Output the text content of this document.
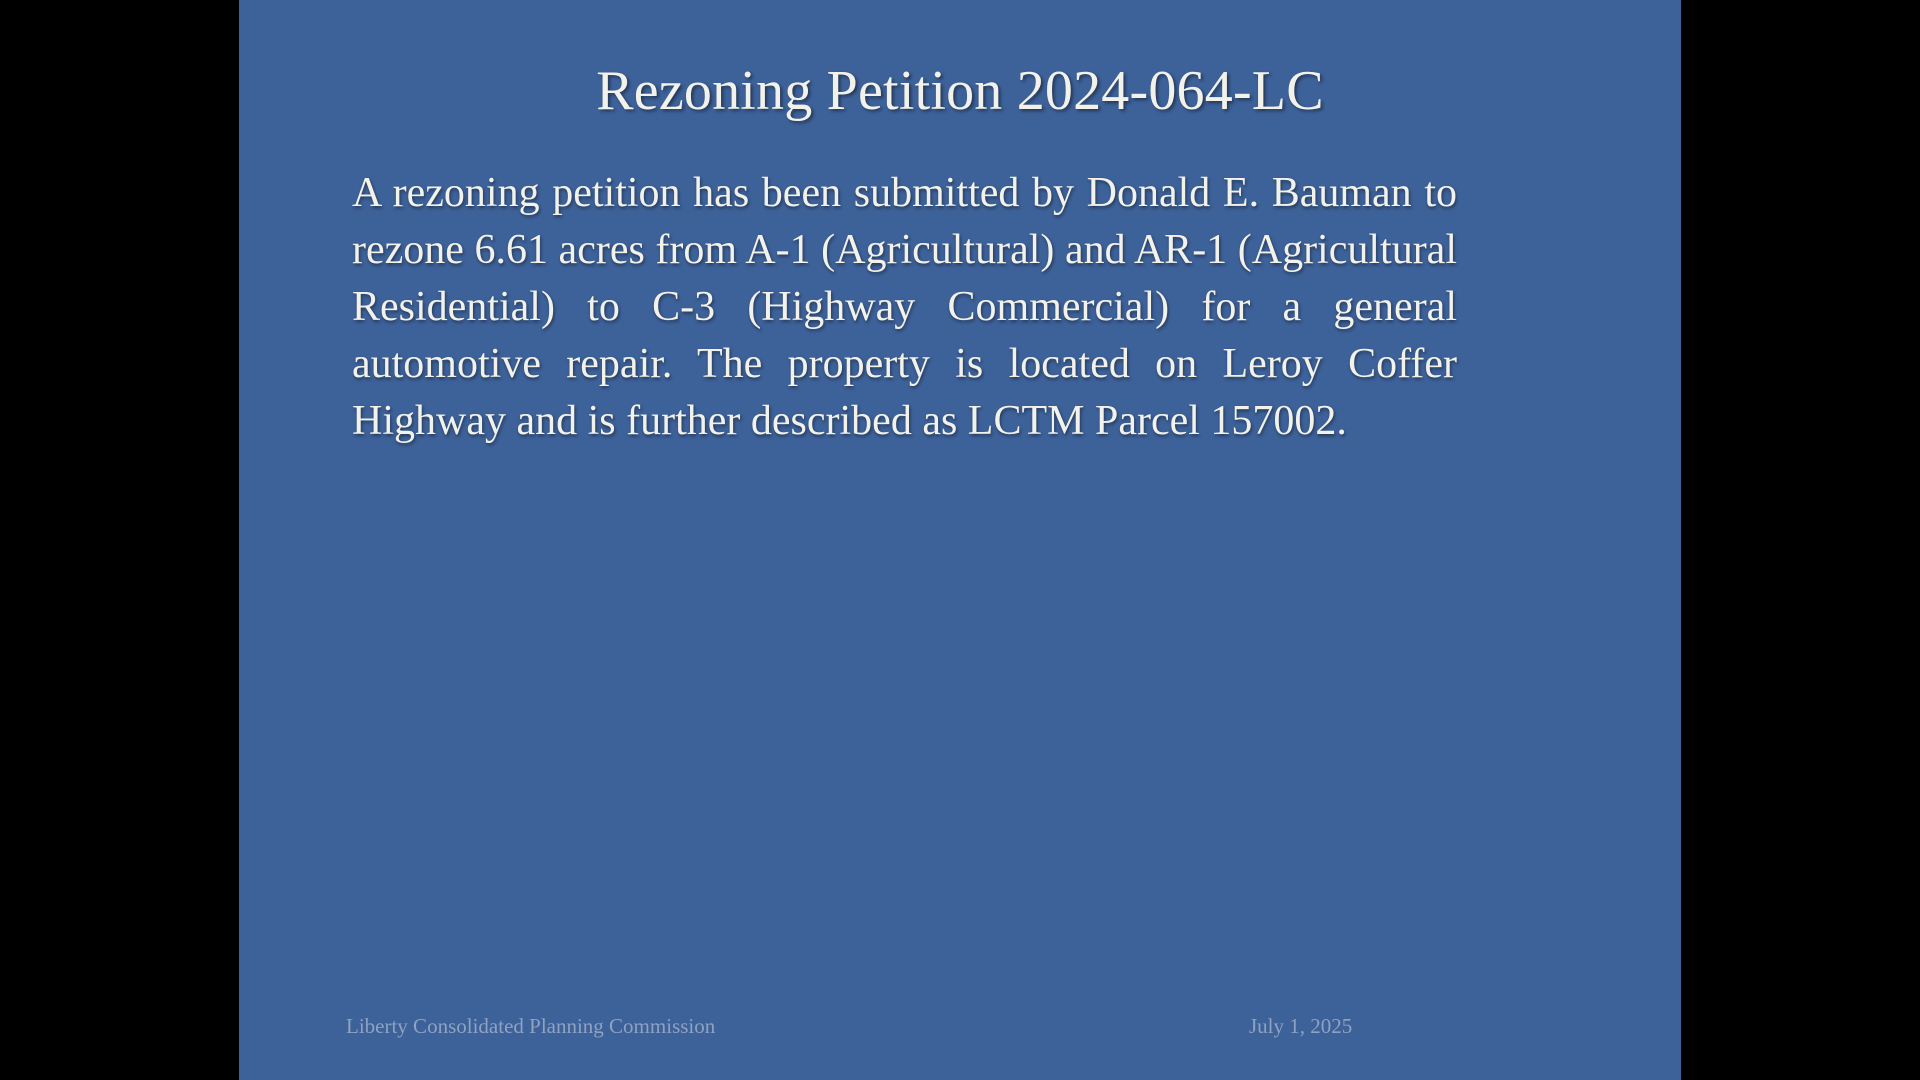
Rezoning Petition 2024-064-LC
A rezoning petition has been submitted by Donald E. Bauman to rezone 6.61 acres from A-1 (Agricultural) and AR-1 (Agricultural Residential) to C-3 (Highway Commercial) for a general automotive repair. The property is located on Leroy Coffer Highway and is further described as LCTM Parcel 157002.
Liberty Consolidated Planning Commission	July 1, 2025
